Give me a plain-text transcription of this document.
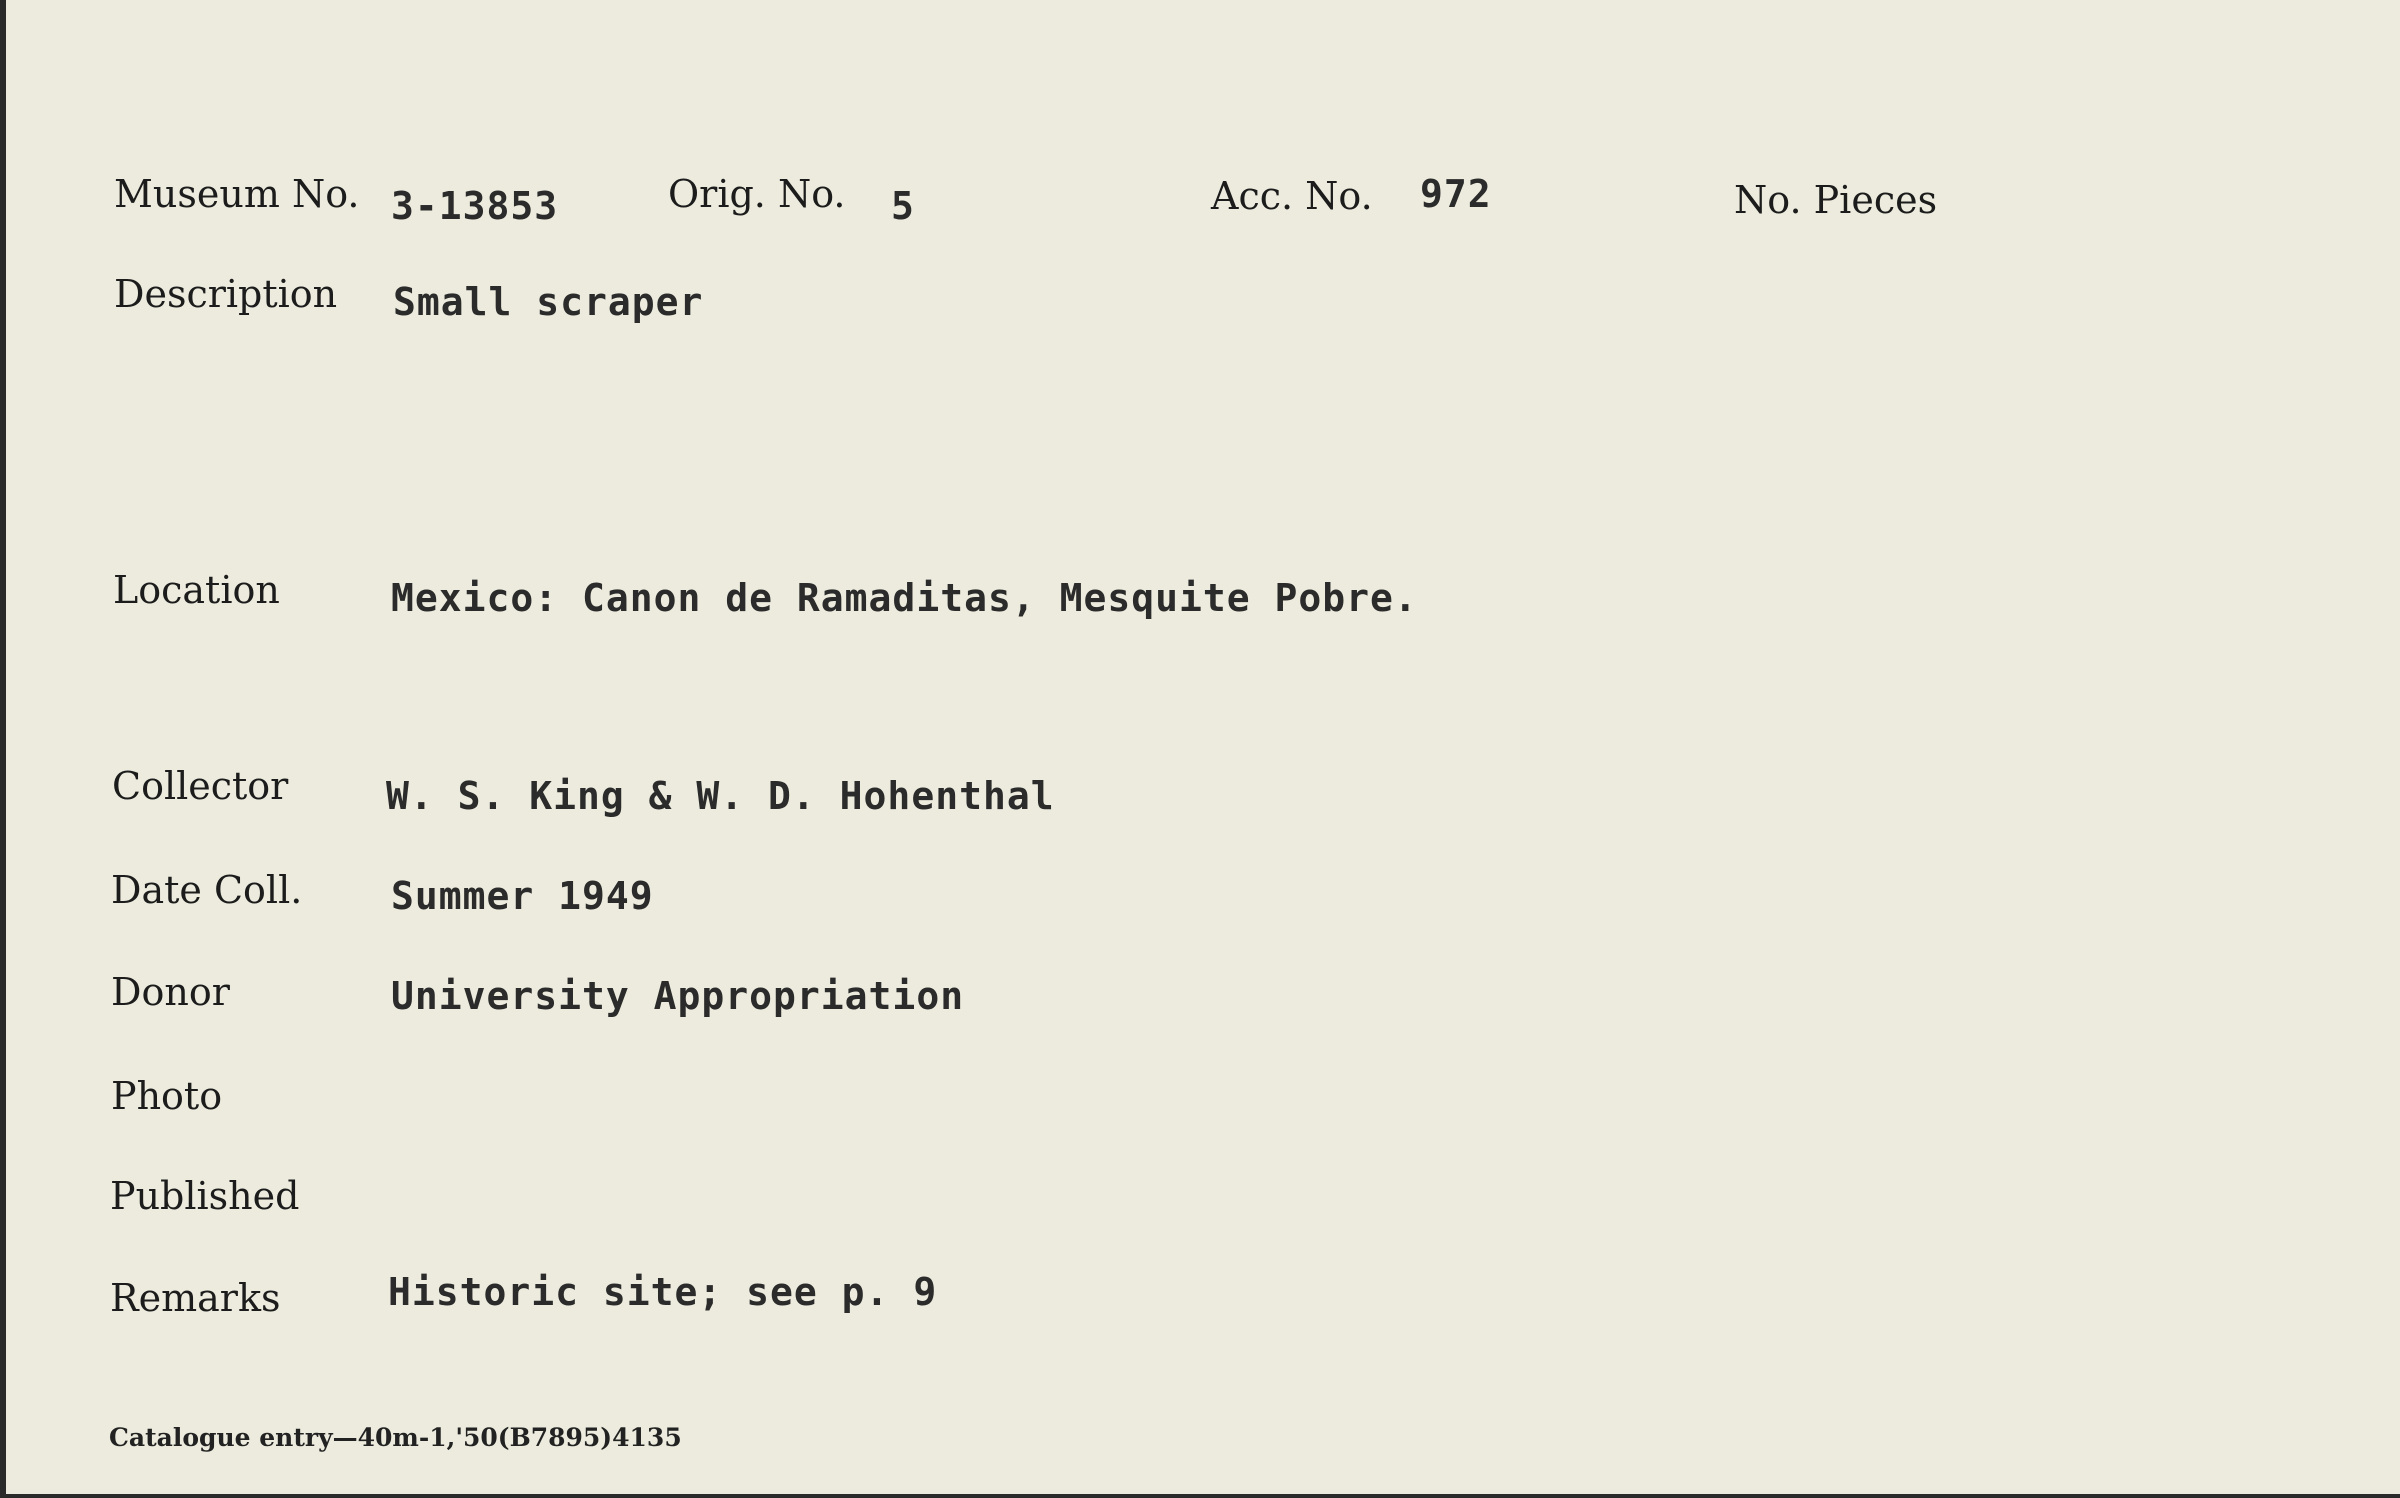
Museum No. 3-13853	Orig. No. 5	Acc. No. 972	No. Pieces
Description Small scraper
Location	Mexico: Canon de Ramaditas, Mesquite Pobre.
Collector	W. S. King & W. D. Hohenthal
Date Coll. Summer 1949
Donor	University Appropriation
Photo
Published
Remarks	Historic site; see p. 9
Catalogue entry—40m-1,'50(B7895)4135
